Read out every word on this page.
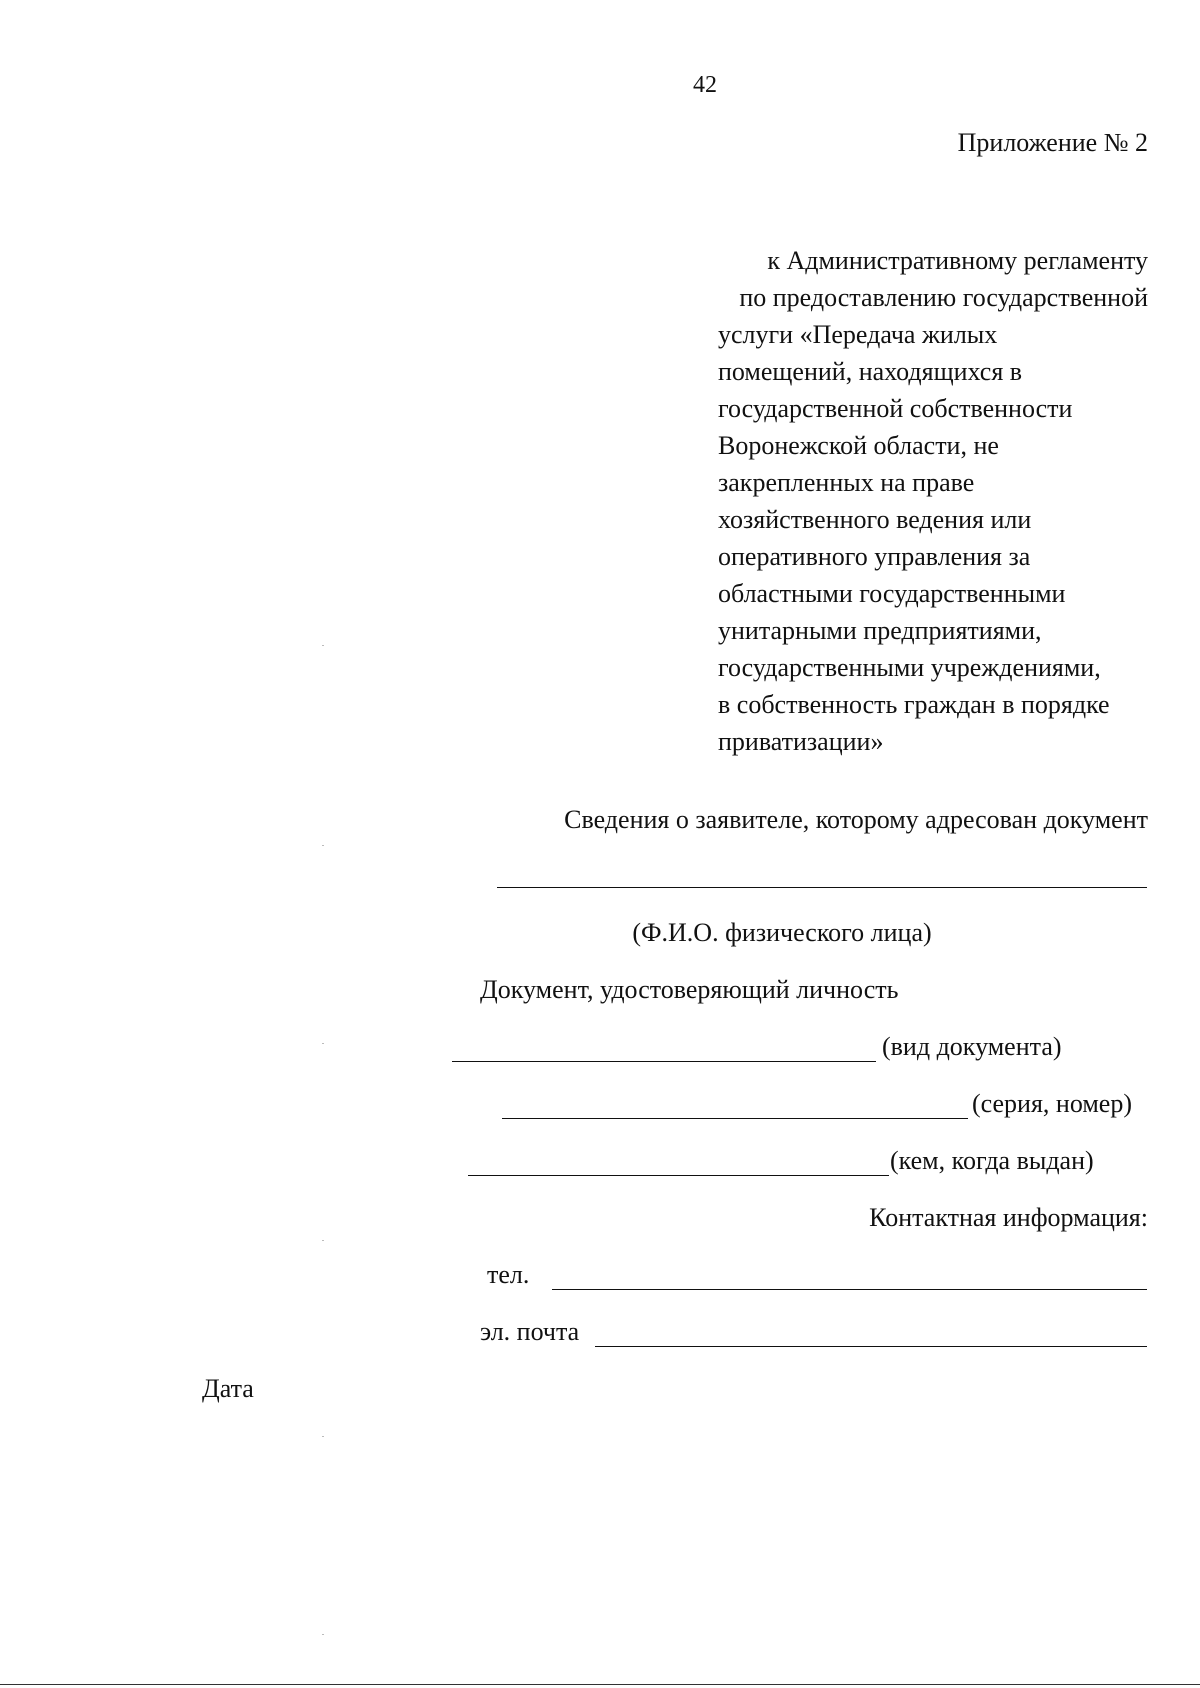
42
Приложение № 2
к Административному регламенту
по предоставлению государственной
услуги «Передача жилых
помещений, находящихся в
государственной собственности
Воронежской области, не
закрепленных на праве
хозяйственного ведения или
оперативного управления за
областными государственными
унитарными предприятиями,
государственными учреждениями,
в собственность граждан в порядке
приватизации»
Сведения о заявителе, которому адресован документ
(Ф.И.О. физического лица)
Документ, удостоверяющий личность
(вид документа)
(серия, номер)
(кем, когда выдан)
Контактная информация:
тел.
эл. почта
Дата
